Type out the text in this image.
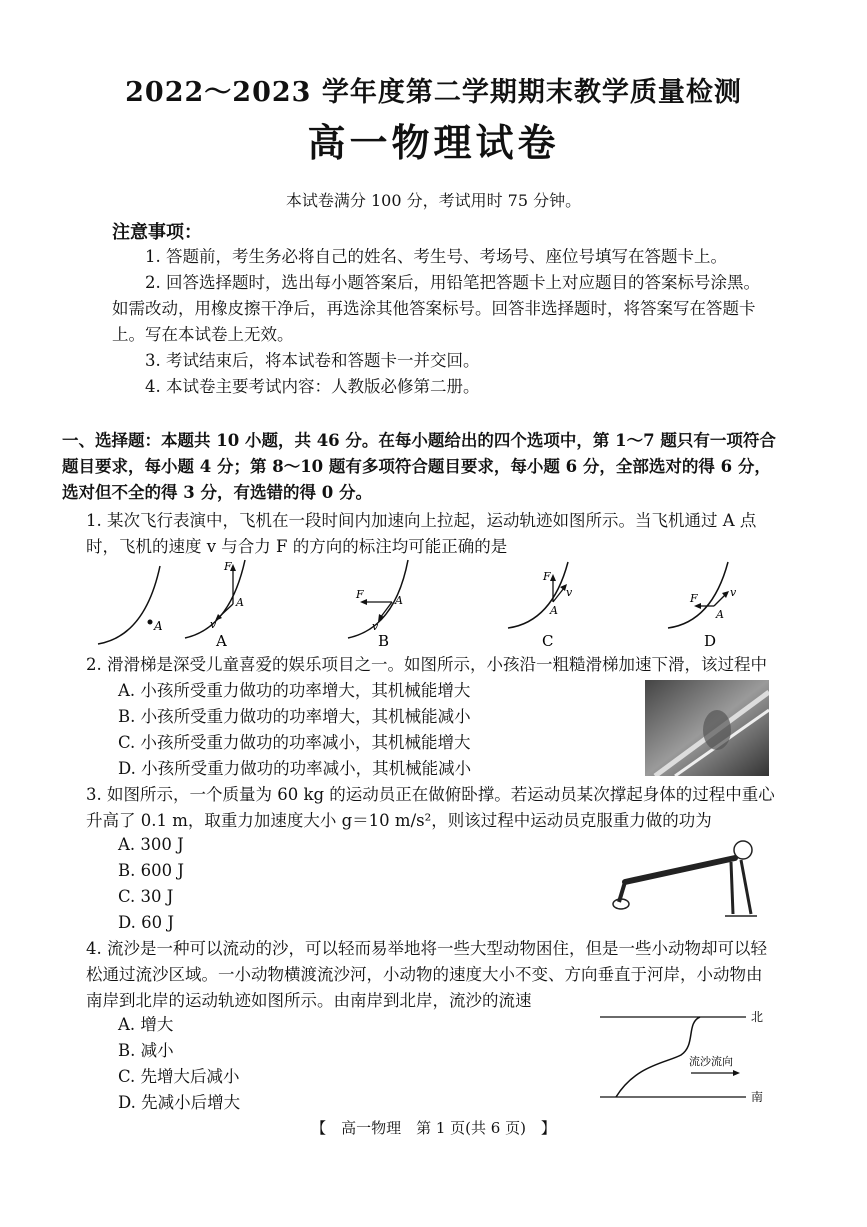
2022～2023 学年度第二学期期末教学质量检测
高一物理试卷
本试卷满分 100 分，考试用时 75 分钟。
注意事项：
1. 答题前，考生务必将自己的姓名、考生号、考场号、座位号填写在答题卡上。
2. 回答选择题时，选出每小题答案后，用铅笔把答题卡上对应题目的答案标号涂黑。如需改动，用橡皮擦干净后，再选涂其他答案标号。回答非选择题时，将答案写在答题卡上。写在本试卷上无效。
3. 考试结束后，将本试卷和答题卡一并交回。
4. 本试卷主要考试内容：人教版必修第二册。
一、选择题：本题共 10 小题，共 46 分。在每小题给出的四个选项中，第 1～7 题只有一项符合题目要求，每小题 4 分；第 8～10 题有多项符合题目要求，每小题 6 分，全部选对的得 6 分，选对但不全的得 3 分，有选错的得 0 分。
1. 某次飞行表演中，飞机在一段时间内加速向上拉起，运动轨迹如图所示。当飞机通过 A 点时，飞机的速度 v 与合力 F 的方向的标注均可能正确的是
A
F
A
v
F	A
v
F
A
v	F
A
v
A	B	C	D
2. 滑滑梯是深受儿童喜爱的娱乐项目之一。如图所示，小孩沿一粗糙滑梯加速下滑，该过程中
A. 小孩所受重力做功的功率增大，其机械能增大
B. 小孩所受重力做功的功率增大，其机械能减小
C. 小孩所受重力做功的功率减小，其机械能增大
D. 小孩所受重力做功的功率减小，其机械能减小
3. 如图所示，一个质量为 60 kg 的运动员正在做俯卧撑。若运动员某次撑起身体的过程中重心升高了 0.1 m，取重力加速度大小 g＝10 m/s²，则该过程中运动员克服重力做的功为
A. 300 J
B. 600 J
C. 30 J
D. 60 J
4. 流沙是一种可以流动的沙，可以轻而易举地将一些大型动物困住，但是一些小动物却可以轻松通过流沙区域。一小动物横渡流沙河，小动物的速度大小不变、方向垂直于河岸，小动物由南岸到北岸的运动轨迹如图所示。由南岸到北岸，流沙的流速
A. 增大
B. 减小
C. 先增大后减小
D. 先减小后增大
北
南
流沙流向
【　高一物理　第 1 页(共 6 页)　】
